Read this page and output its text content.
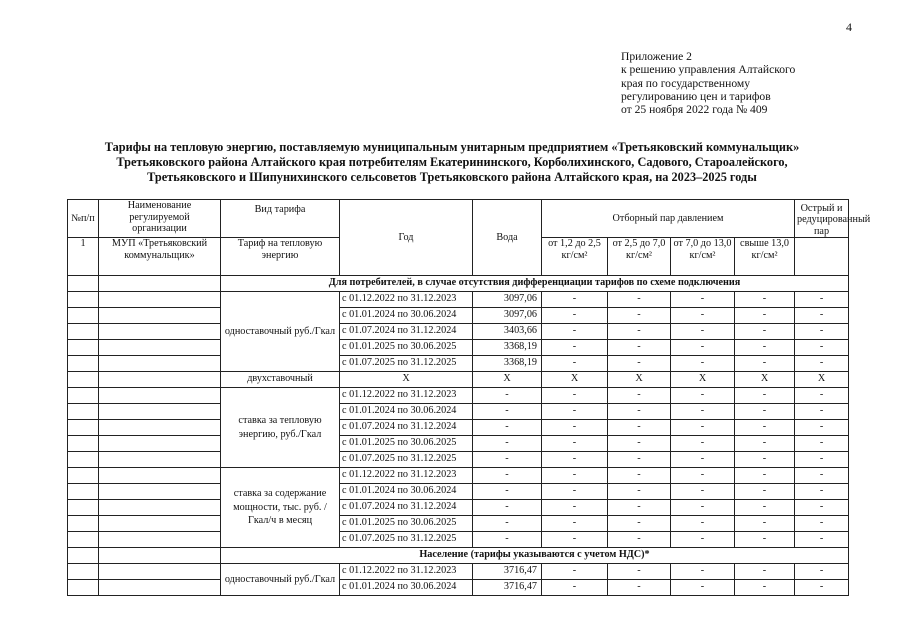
4
Приложение 2
к решению управления Алтайского
края по государственному
регулированию цен и тарифов
от 25 ноября 2022 года № 409
Тарифы на тепловую энергию, поставляемую муниципальным унитарным предприятием «Третьяковский коммунальщик»
Третьяковского района Алтайского края потребителям Екатерининского, Корболихинского, Садового, Староалейского,
Третьяковского и Шипунихинского сельсоветов Третьяковского района Алтайского края, на 2023–2025 годы
№п/п	Наименование регулируемой организации	Вид тарифа	Год	Вода	Отборный пар давлением				Острый и редуцированный пар

1	МУП «Третьяковский коммунальщик»	Тариф на тепловую энергию			от 1,2 до 2,5 кг/см²	от 2,5 до 7,0 кг/см²	от 7,0 до 13,0 кг/см²	свыше 13,0 кг/см²	
		Для потребителей, в случае отсутствия дифференциации тарифов по схеме подключения							
		одноставочный руб./Гкал	с 01.12.2022 по 31.12.2023	3097,06	-	-	-	-	-
			с 01.01.2024 по 30.06.2024	3097,06	-	-	-	-	-
			с 01.07.2024 по 31.12.2024	3403,66	-	-	-	-	-
			с 01.01.2025 по 30.06.2025	3368,19	-	-	-	-	-
			с 01.07.2025 по 31.12.2025	3368,19	-	-	-	-	-
		двухставочный	X	X	X	X	X	X	X
		ставка за тепловую энергию, руб./Гкал	с 01.12.2022 по 31.12.2023	-	-	-	-	-	-
			с 01.01.2024 по 30.06.2024	-	-	-	-	-	-
			с 01.07.2024 по 31.12.2024	-	-	-	-	-	-
			с 01.01.2025 по 30.06.2025	-	-	-	-	-	-
			с 01.07.2025 по 31.12.2025	-	-	-	-	-	-
		ставка за содержание мощности, тыс. руб. /Гкал/ч в месяц	с 01.12.2022 по 31.12.2023	-	-	-	-	-	-
			с 01.01.2024 по 30.06.2024	-	-	-	-	-	-
			с 01.07.2024 по 31.12.2024	-	-	-	-	-	-
			с 01.01.2025 по 30.06.2025	-	-	-	-	-	-
			с 01.07.2025 по 31.12.2025	-	-	-	-	-	-
		Население (тарифы указываются с учетом НДС)*							
		одноставочный руб./Гкал	с 01.12.2022 по 31.12.2023	3716,47	-	-	-	-	-
			с 01.01.2024 по 30.06.2024	3716,47	-	-	-	-	-
